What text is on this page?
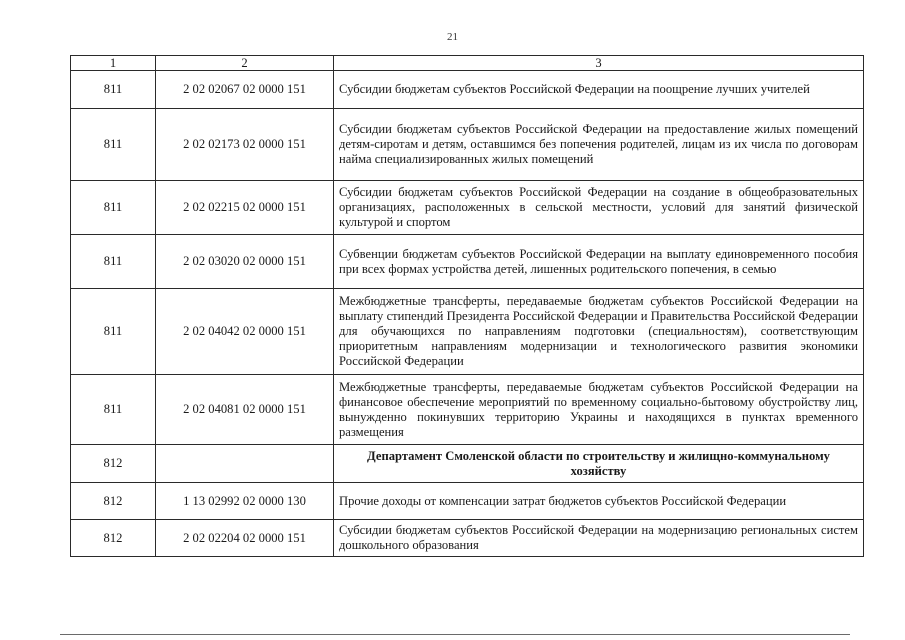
21
1	2	3
811	2 02 02067 02 0000 151	Субсидии бюджетам субъектов Российской Федерации на поощрение лучших учителей
811	2 02 02173 02 0000 151	Субсидии бюджетам субъектов Российской Федерации на предоставление жилых помещений детям-сиротам и детям, оставшимся без попечения родителей, лицам из их числа по договорам найма специализированных жилых помещений
811	2 02 02215 02 0000 151	Субсидии бюджетам субъектов Российской Федерации на создание в общеобразовательных организациях, расположенных в сельской местности, условий для занятий физической культурой и спортом
811	2 02 03020 02 0000 151	Субвенции бюджетам субъектов Российской Федерации на выплату единовременного пособия при всех формах устройства детей, лишенных родительского попечения, в семью
811	2 02 04042 02 0000 151	Межбюджетные трансферты, передаваемые бюджетам субъектов Российской Федерации на выплату стипендий Президента Российской Федерации и Правительства Российской Федерации для обучающихся по направлениям подготовки (специальностям), соответствующим приоритетным направлениям модернизации и технологического развития экономики Российской Федерации
811	2 02 04081 02 0000 151	Межбюджетные трансферты, передаваемые бюджетам субъектов Российской Федерации на финансовое обеспечение мероприятий по временному социально-бытовому обустройству лиц, вынужденно покинувших территорию Украины и находящихся в пунктах временного размещения
812		Департамент Смоленской области по строительству и жилищно-коммунальному хозяйству
812	1 13 02992 02 0000 130	Прочие доходы от компенсации затрат бюджетов субъектов Российской Федерации
812	2 02 02204 02 0000 151	Субсидии бюджетам субъектов Российской Федерации на модернизацию региональных систем дошкольного образования
